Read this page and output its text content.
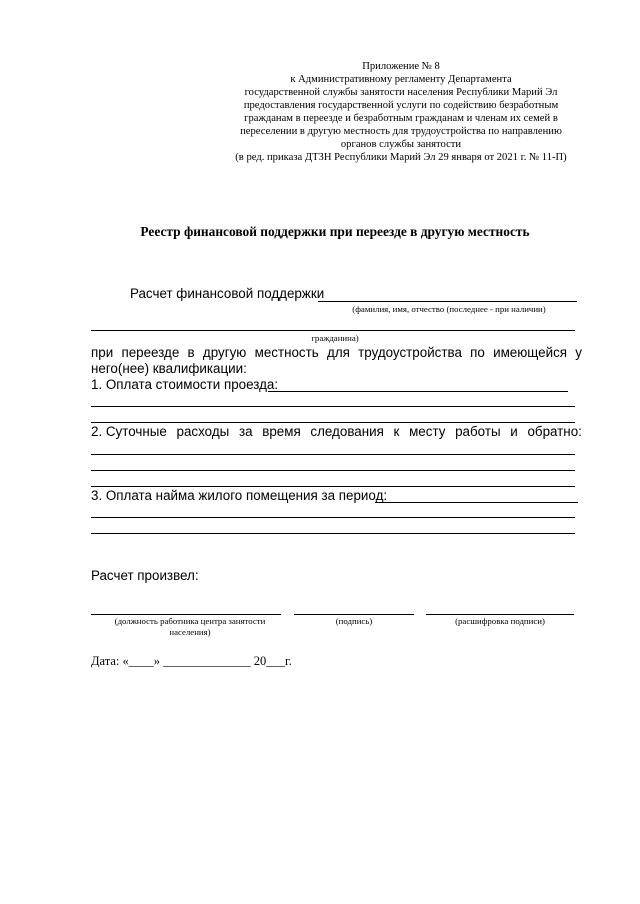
Приложение № 8
к Административному регламенту Департамента
государственной службы занятости населения Республики Марий Эл
предоставления государственной услуги по содействию безработным
гражданам в переезде и безработным гражданам и членам их семей в
переселении в другую местность для трудоустройства по направлению
органов службы занятости
(в ред. приказа ДТЗН Республики Марий Эл 29 января от 2021 г. № 11-П)
Реестр финансовой поддержки при переезде в другую местность
Расчет финансовой поддержки
(фамилия, имя, отчество (последнее - при наличии)
гражданина)
при переезде в другую местность для трудоустройства по имеющейся у
него(нее) квалификации:
1. Оплата стоимости проезда:
2. Суточные расходы за время следования к месту работы и обратно:
3. Оплата найма жилого помещения за период:
Расчет произвел:
(должность работника центра занятости населения)
(подпись)	(расшифровка подписи)
Дата: «____» ______________ 20___г.
